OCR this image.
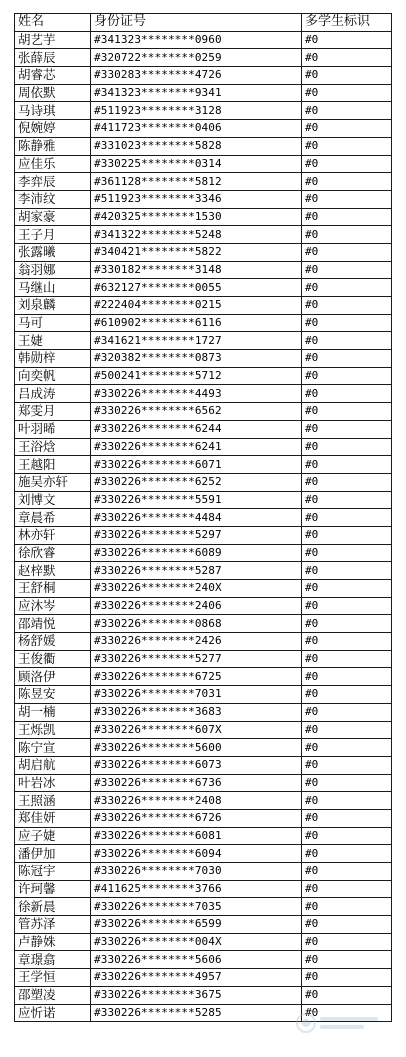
姓名	身份证号	多学生标识
胡艺芋	#341323********0960	#0
张薛辰	#320722********0259	#0
胡睿芯	#330283********4726	#0
周依默	#341323********9341	#0
马诗琪	#511923********3128	#0
倪婉婷	#411723********0406	#0
陈静雅	#331023********5828	#0
应佳乐	#330225********0314	#0
李弈辰	#361128********5812	#0
李沛纹	#511923********3346	#0
胡家豪	#420325********1530	#0
王子月	#341322********5248	#0
张露曦	#340421********5822	#0
翁羽娜	#330182********3148	#0
马继山	#632127********0055	#0
刘泉麟	#222404********0215	#0
马可	#610902********6116	#0
王婕	#341621********1727	#0
韩勋梓	#320382********0873	#0
向奕帆	#500241********5712	#0
吕成涛	#330226********4493	#0
郑雯月	#330226********6562	#0
叶羽晞	#330226********6244	#0
王浴焓	#330226********6241	#0
王越阳	#330226********6071	#0
施吴亦轩	#330226********6252	#0
刘博文	#330226********5591	#0
章晨希	#330226********4484	#0
林亦轩	#330226********5297	#0
徐欣睿	#330226********6089	#0
赵梓默	#330226********5287	#0
王舒桐	#330226********240X	#0
应沐岑	#330226********2406	#0
邵靖悦	#330226********0868	#0
杨舒媛	#330226********2426	#0
王俊衢	#330226********5277	#0
顾洛伊	#330226********6725	#0
陈昱安	#330226********7031	#0
胡一楠	#330226********3683	#0
王烁凯	#330226********607X	#0
陈宁宣	#330226********5600	#0
胡启航	#330226********6073	#0
叶岩冰	#330226********6736	#0
王照涵	#330226********2408	#0
郑佳妍	#330226********6726	#0
应子婕	#330226********6081	#0
潘伊加	#330226********6094	#0
陈冠宇	#330226********7030	#0
许珂馨	#411625********3766	#0
徐新晨	#330226********7035	#0
管苏泽	#330226********6599	#0
卢静姝	#330226********004X	#0
章璟翕	#330226********5606	#0
王学恒	#330226********4957	#0
邵塑凌	#330226********3675	#0
应忻诺	#330226********5285	#0
